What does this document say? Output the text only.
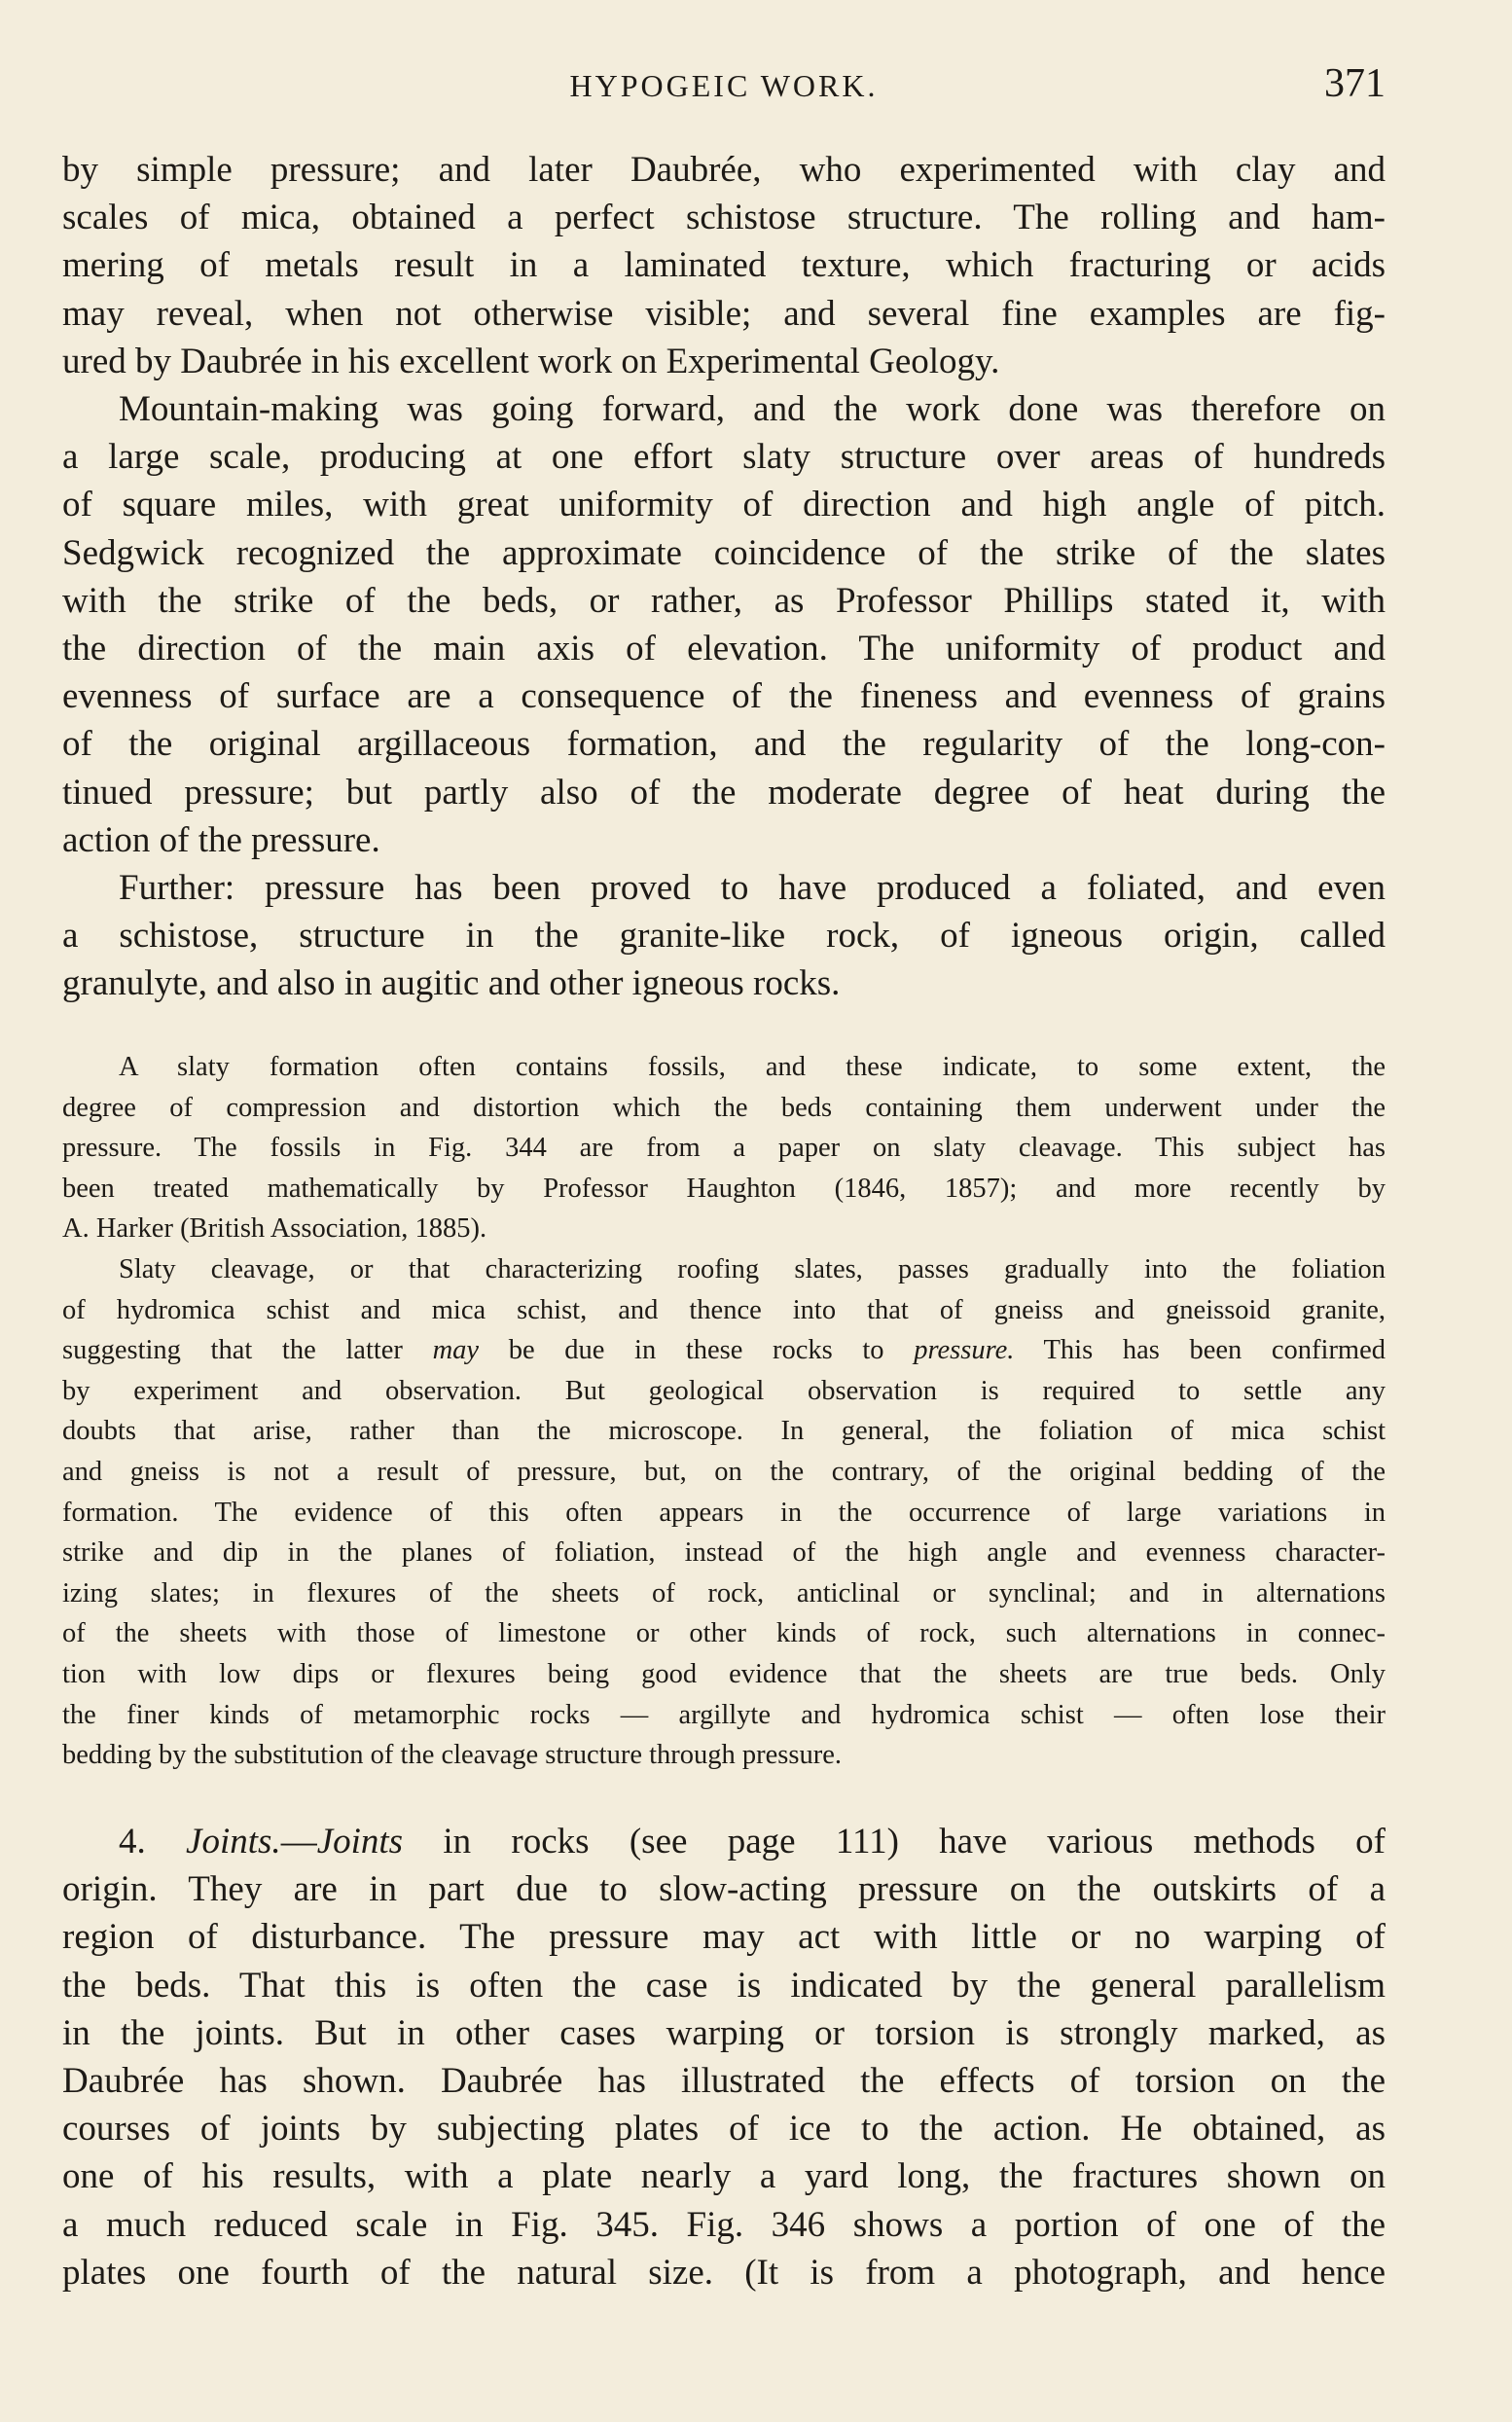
HYPOGEIC WORK.	371
by simple pressure; and later Daubrée, who experimented with clay and
scales of mica, obtained a perfect schistose structure. The rolling and ham-
mering of metals result in a laminated texture, which fracturing or acids
may reveal, when not otherwise visible; and several fine examples are fig-
ured by Daubrée in his excellent work on Experimental Geology.
Mountain-making was going forward, and the work done was therefore on
a large scale, producing at one effort slaty structure over areas of hundreds
of square miles, with great uniformity of direction and high angle of pitch.
Sedgwick recognized the approximate coincidence of the strike of the slates
with the strike of the beds, or rather, as Professor Phillips stated it, with
the direction of the main axis of elevation. The uniformity of product and
evenness of surface are a consequence of the fineness and evenness of grains
of the original argillaceous formation, and the regularity of the long-con-
tinued pressure; but partly also of the moderate degree of heat during the
action of the pressure.
Further: pressure has been proved to have produced a foliated, and even
a schistose, structure in the granite-like rock, of igneous origin, called
granulyte, and also in augitic and other igneous rocks.
A slaty formation often contains fossils, and these indicate, to some extent, the
degree of compression and distortion which the beds containing them underwent under the
pressure. The fossils in Fig. 344 are from a paper on slaty cleavage. This subject has
been treated mathematically by Professor Haughton (1846, 1857); and more recently by
A. Harker (British Association, 1885).
Slaty cleavage, or that characterizing roofing slates, passes gradually into the foliation
of hydromica schist and mica schist, and thence into that of gneiss and gneissoid granite,
suggesting that the latter may be due in these rocks to pressure. This has been confirmed
by experiment and observation. But geological observation is required to settle any
doubts that arise, rather than the microscope. In general, the foliation of mica schist
and gneiss is not a result of pressure, but, on the contrary, of the original bedding of the
formation. The evidence of this often appears in the occurrence of large variations in
strike and dip in the planes of foliation, instead of the high angle and evenness character-
izing slates; in flexures of the sheets of rock, anticlinal or synclinal; and in alternations
of the sheets with those of limestone or other kinds of rock, such alternations in connec-
tion with low dips or flexures being good evidence that the sheets are true beds. Only
the finer kinds of metamorphic rocks — argillyte and hydromica schist — often lose their
bedding by the substitution of the cleavage structure through pressure.
4. Joints.—Joints in rocks (see page 111) have various methods of
origin. They are in part due to slow-acting pressure on the outskirts of a
region of disturbance. The pressure may act with little or no warping of
the beds. That this is often the case is indicated by the general parallelism
in the joints. But in other cases warping or torsion is strongly marked, as
Daubrée has shown. Daubrée has illustrated the effects of torsion on the
courses of joints by subjecting plates of ice to the action. He obtained, as
one of his results, with a plate nearly a yard long, the fractures shown on
a much reduced scale in Fig. 345. Fig. 346 shows a portion of one of the
plates one fourth of the natural size. (It is from a photograph, and hence
